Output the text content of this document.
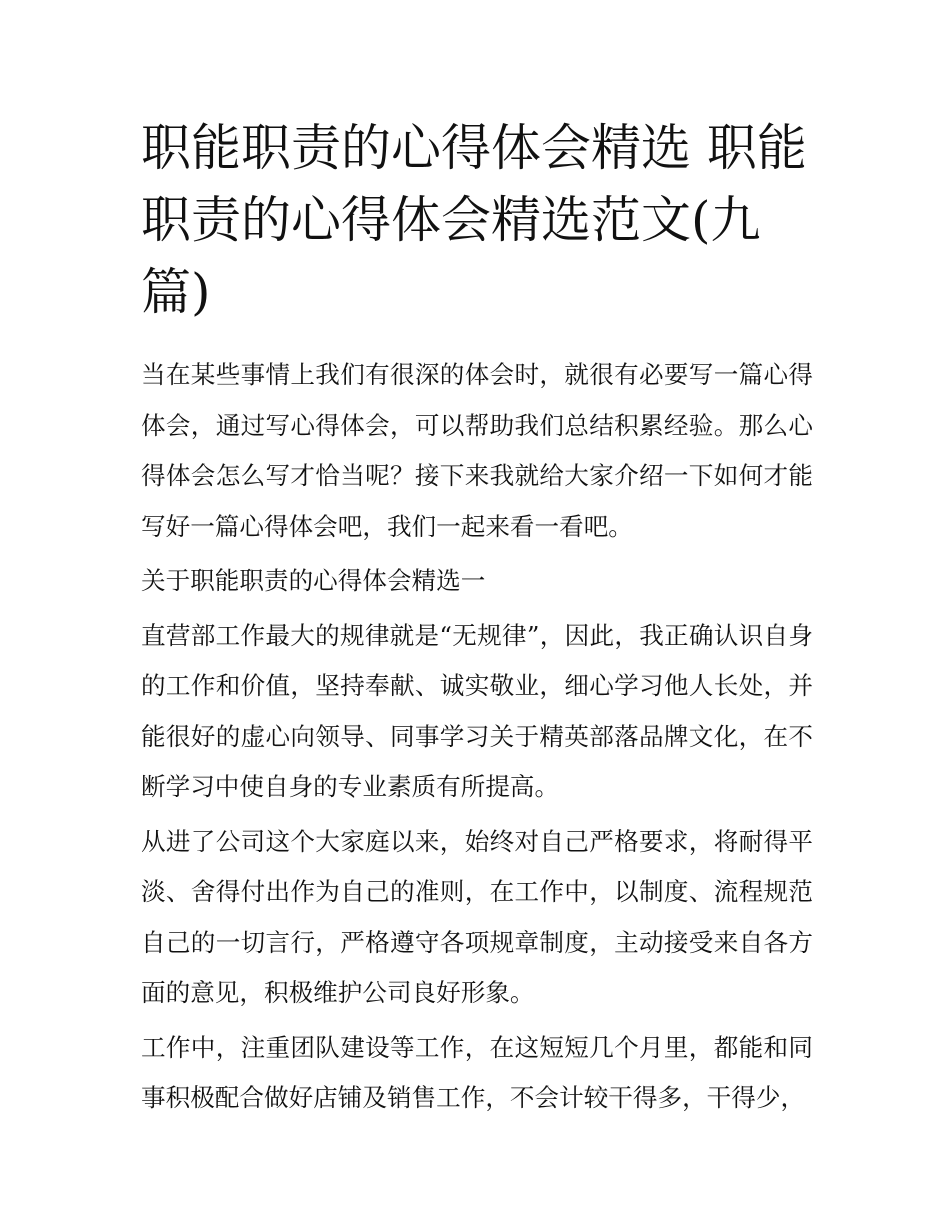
职能职责的心得体会精选 职能职责的心得体会精选范文(九篇)

当在某些事情上我们有很深的体会时，就很有必要写一篇心得体会，通过写心得体会，可以帮助我们总结积累经验。那么心得体会怎么写才恰当呢？接下来我就给大家介绍一下如何才能写好一篇心得体会吧，我们一起来看一看吧。

关于职能职责的心得体会精选一

直营部工作最大的规律就是“无规律”，因此，我正确认识自身的工作和价值，坚持奉献、诚实敬业，细心学习他人长处，并能很好的虚心向领导、同事学习关于精英部落品牌文化，在不断学习中使自身的专业素质有所提高。

从进了公司这个大家庭以来，始终对自己严格要求，将耐得平淡、舍得付出作为自己的准则，在工作中，以制度、流程规范自己的一切言行，严格遵守各项规章制度，主动接受来自各方面的意见，积极维护公司良好形象。

工作中，注重团队建设等工作，在这短短几个月里，都能和同事积极配合做好店铺及销售工作，不会计较干得多，干得少，
